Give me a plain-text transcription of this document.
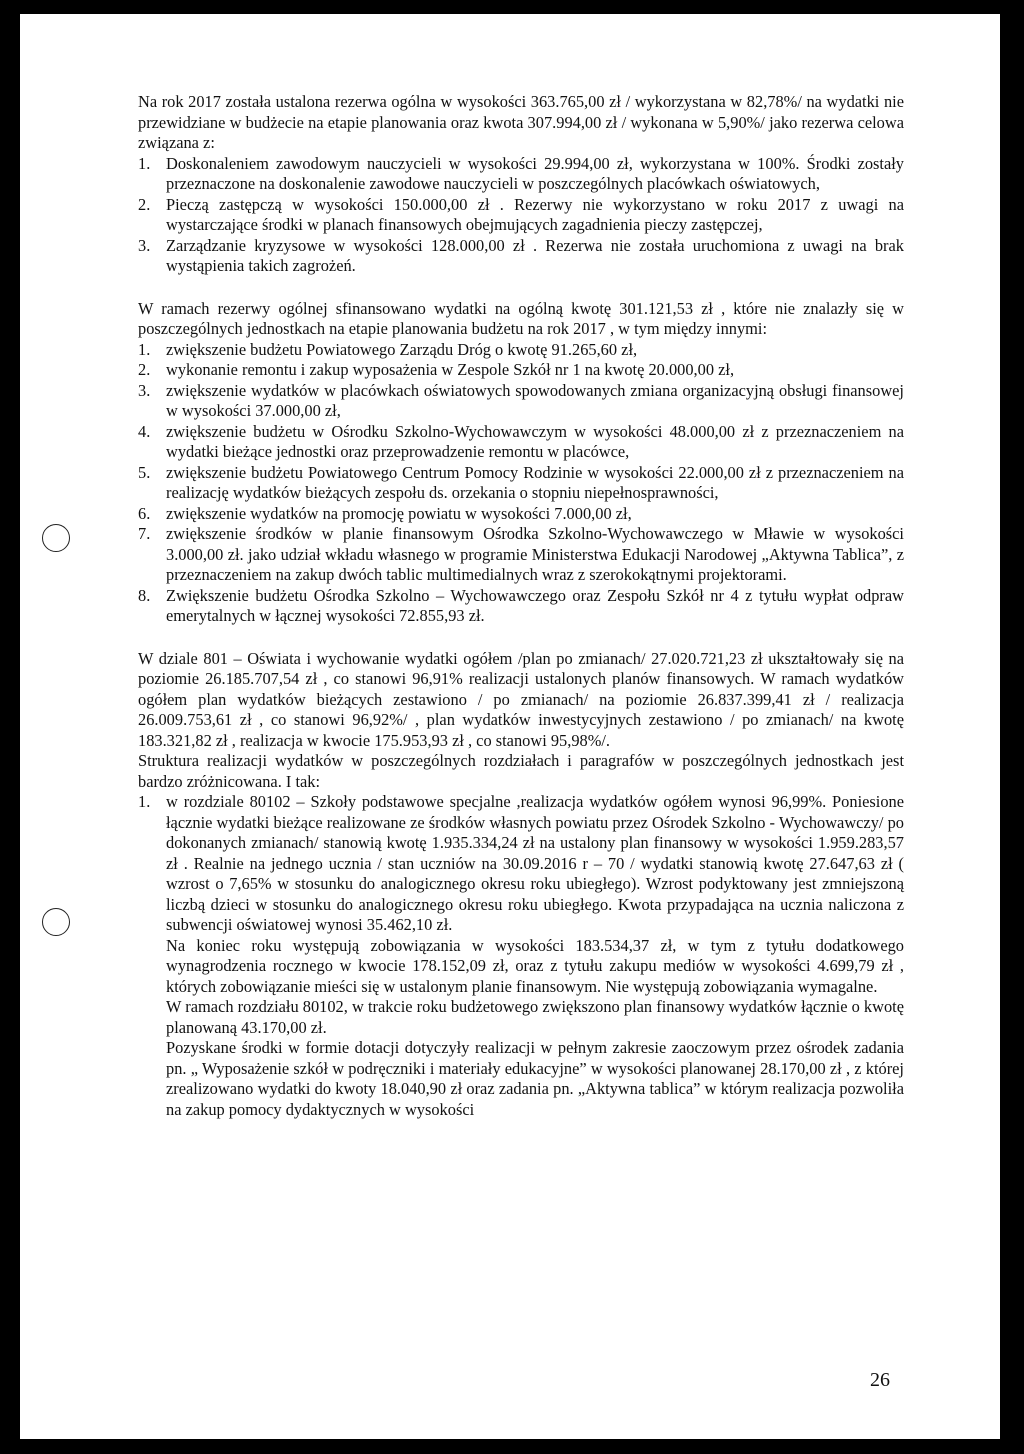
Na rok 2017 została ustalona rezerwa ogólna w wysokości 363.765,00 zł / wykorzystana w 82,78%/ na wydatki nie przewidziane w budżecie na etapie planowania oraz kwota 307.994,00 zł / wykonana w 5,90%/ jako rezerwa celowa związana z:

1. Doskonaleniem zawodowym nauczycieli w wysokości 29.994,00 zł, wykorzystana w 100%. Środki zostały przeznaczone na doskonalenie zawodowe nauczycieli w poszczególnych placówkach oświatowych,
2. Pieczą zastępczą w wysokości 150.000,00 zł . Rezerwy nie wykorzystano w roku 2017 z uwagi na wystarczające środki w planach finansowych obejmujących zagadnienia pieczy zastępczej,
3. Zarządzanie kryzysowe w wysokości 128.000,00 zł . Rezerwa nie została uruchomiona z uwagi na brak wystąpienia takich zagrożeń.

W ramach rezerwy ogólnej sfinansowano wydatki na ogólną kwotę 301.121,53 zł , które nie znalazły się w poszczególnych jednostkach na etapie planowania budżetu na rok 2017 , w tym między innymi:

1. zwiększenie budżetu Powiatowego Zarządu Dróg o kwotę 91.265,60 zł,
2. wykonanie remontu i zakup wyposażenia w Zespole Szkół nr 1 na kwotę 20.000,00 zł,
3. zwiększenie wydatków w placówkach oświatowych spowodowanych zmiana organizacyjną obsługi finansowej w wysokości 37.000,00 zł,
4. zwiększenie budżetu w Ośrodku Szkolno-Wychowawczym w wysokości 48.000,00 zł z przeznaczeniem na wydatki bieżące jednostki oraz przeprowadzenie remontu w placówce,
5. zwiększenie budżetu Powiatowego Centrum Pomocy Rodzinie w wysokości 22.000,00 zł z przeznaczeniem na realizację wydatków bieżących zespołu ds. orzekania o stopniu niepełnosprawności,
6. zwiększenie wydatków na promocję powiatu w wysokości 7.000,00 zł,
7. zwiększenie środków w planie finansowym Ośrodka Szkolno-Wychowawczego w Mławie w wysokości 3.000,00 zł. jako udział wkładu własnego w programie Ministerstwa Edukacji Narodowej „Aktywna Tablica”, z przeznaczeniem na zakup dwóch tablic multimedialnych wraz z szerokokątnymi projektorami.
8. Zwiększenie budżetu Ośrodka Szkolno – Wychowawczego oraz Zespołu Szkół nr 4 z tytułu wypłat odpraw emerytalnych w łącznej wysokości 72.855,93 zł.

W dziale 801 – Oświata i wychowanie wydatki ogółem /plan po zmianach/ 27.020.721,23 zł ukształtowały się na poziomie 26.185.707,54 zł , co stanowi 96,91% realizacji ustalonych planów finansowych. W ramach wydatków ogółem plan wydatków bieżących zestawiono / po zmianach/ na poziomie 26.837.399,41 zł / realizacja 26.009.753,61 zł , co stanowi 96,92%/ , plan wydatków inwestycyjnych zestawiono / po zmianach/ na kwotę 183.321,82 zł , realizacja w kwocie 175.953,93 zł , co stanowi 95,98%/.

Struktura realizacji wydatków w poszczególnych rozdziałach i paragrafów w poszczególnych jednostkach jest bardzo zróżnicowana. I tak:

1. w rozdziale 80102 – Szkoły podstawowe specjalne ,realizacja wydatków ogółem wynosi 96,99%. Poniesione łącznie wydatki bieżące realizowane ze środków własnych powiatu przez Ośrodek Szkolno - Wychowawczy/ po dokonanych zmianach/ stanowią kwotę 1.935.334,24 zł na ustalony plan finansowy w wysokości 1.959.283,57 zł . Realnie na jednego ucznia / stan uczniów na 30.09.2016 r – 70 / wydatki stanowią kwotę 27.647,63 zł ( wzrost o 7,65% w stosunku do analogicznego okresu roku ubiegłego). Wzrost podyktowany jest zmniejszoną liczbą dzieci w stosunku do analogicznego okresu roku ubiegłego. Kwota przypadająca na ucznia naliczona z subwencji oświatowej wynosi 35.462,10 zł.

Na koniec roku występują zobowiązania w wysokości 183.534,37 zł, w tym z tytułu dodatkowego wynagrodzenia rocznego w kwocie 178.152,09 zł, oraz z tytułu zakupu mediów w wysokości 4.699,79 zł , których zobowiązanie mieści się w ustalonym planie finansowym. Nie występują zobowiązania wymagalne.

W ramach rozdziału 80102, w trakcie roku budżetowego zwiększono plan finansowy wydatków łącznie o kwotę planowaną 43.170,00 zł.

Pozyskane środki w formie dotacji dotyczyły realizacji w pełnym zakresie zaoczowym przez ośrodek zadania pn. „ Wyposażenie szkół w podręczniki i materiały edukacyjne” w wysokości planowanej 28.170,00 zł , z której zrealizowano wydatki do kwoty 18.040,90 zł oraz zadania pn. „Aktywna tablica” w którym realizacja pozwoliła na zakup pomocy dydaktycznych w wysokości

26
